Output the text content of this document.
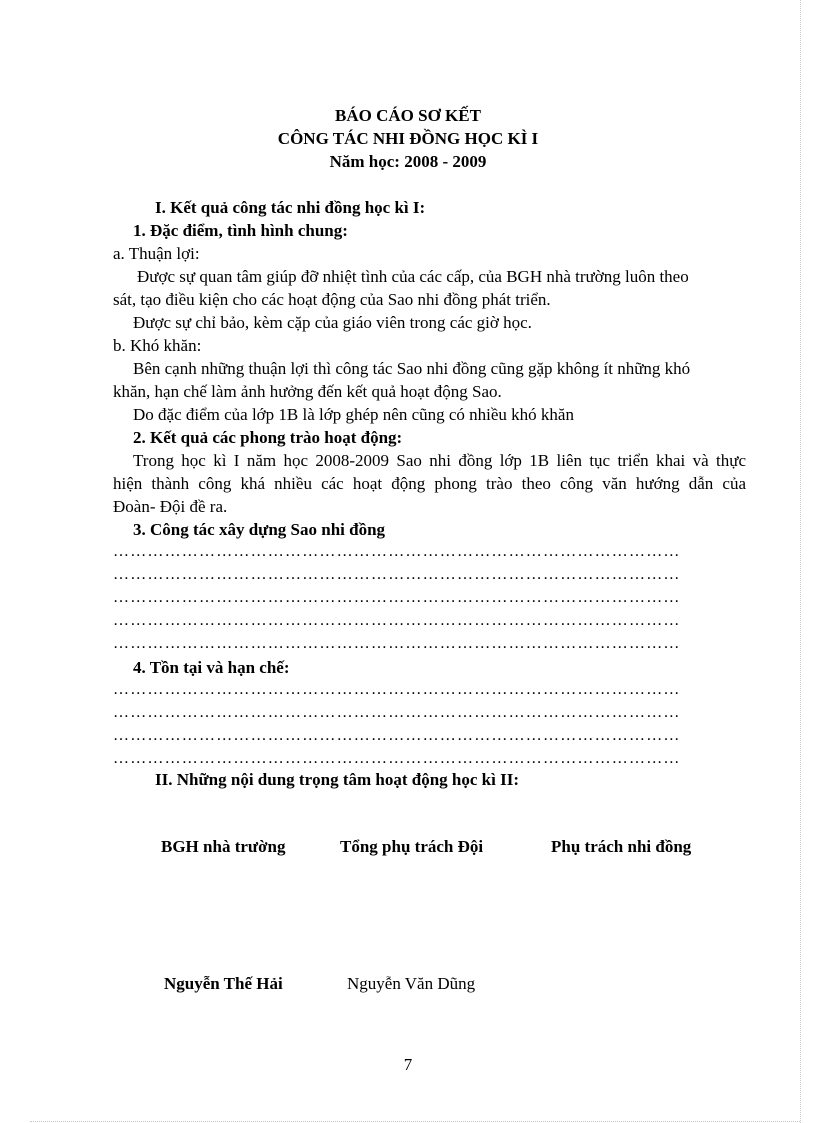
BÁO CÁO SƠ KẾT
CÔNG TÁC NHI ĐỒNG HỌC KÌ I
Năm học: 2008 - 2009
I. Kết quả công tác nhi đồng học kì I:
1. Đặc điểm, tình hình chung:
a. Thuận lợi:
Được sự quan tâm giúp đỡ nhiệt tình của các cấp, của BGH nhà trường luôn theo
sát, tạo điều kiện cho các hoạt động của Sao nhi đồng phát triển.
Được sự chỉ bảo, kèm cặp của giáo viên trong các giờ học.
b. Khó khăn:
Bên cạnh những thuận lợi thì công tác Sao nhi đồng cũng gặp không ít những khó
khăn, hạn chế làm ảnh hưởng đến kết quả hoạt động Sao.
Do đặc điểm của lớp 1B là lớp ghép nên cũng có nhiều khó khăn
2. Kết quả các phong trào hoạt động:
Trong học kì I năm học 2008-2009 Sao nhi đồng lớp 1B liên tục triển khai và thực
hiện thành công khá nhiều các hoạt động phong trào theo công văn hướng dẫn của
Đoàn- Đội đề ra.
3. Công tác xây dựng Sao nhi đồng
………………………………………………………………………………………
………………………………………………………………………………………
………………………………………………………………………………………
………………………………………………………………………………………
………………………………………………………………………………………
4. Tồn tại và hạn chế:
………………………………………………………………………………………
………………………………………………………………………………………
………………………………………………………………………………………
………………………………………………………………………………………
II. Những nội dung trọng tâm hoạt động học kì II:
BGH nhà trường	Tổng phụ trách Đội	Phụ trách nhi đồng
Nguyễn Thế Hải	Nguyễn Văn Dũng
7
